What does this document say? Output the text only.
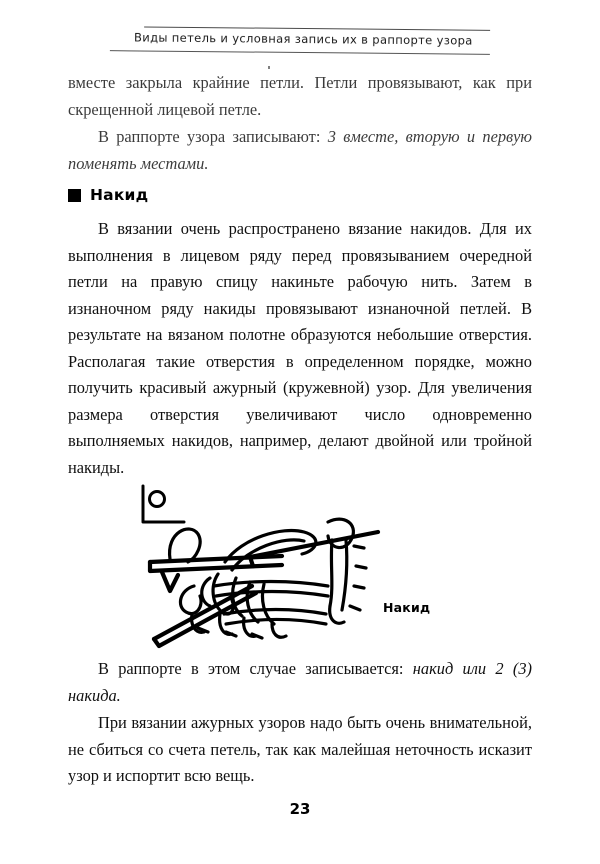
Виды петель и условная запись их в раппорте узора

вместе закрыла крайние петли. Петли провязывают, как при скрещенной лицевой петле.

В раппорте узора записывают: 3 вместе, вторую и первую поменять местами.

Накид

В вязании очень распространено вязание накидов. Для их выполнения в лицевом ряду перед провязыванием очередной петли на правую спицу накиньте рабочую нить. Затем в изнаночном ряду накиды провязывают изнаночной петлей. В результате на вязаном полотне образуются небольшие отверстия. Располагая такие отверстия в определенном порядке, можно получить красивый ажурный (кружевной) узор. Для увеличения размера отверстия увеличивают число одновременно выполняемых накидов, например, делают двойной или тройной накиды.

Накид

В раппорте в этом случае записывается: накид или 2 (3) накида.

При вязании ажурных узоров надо быть очень внимательной, не сбиться со счета петель, так как малейшая неточность исказит узор и испортит всю вещь.

23
